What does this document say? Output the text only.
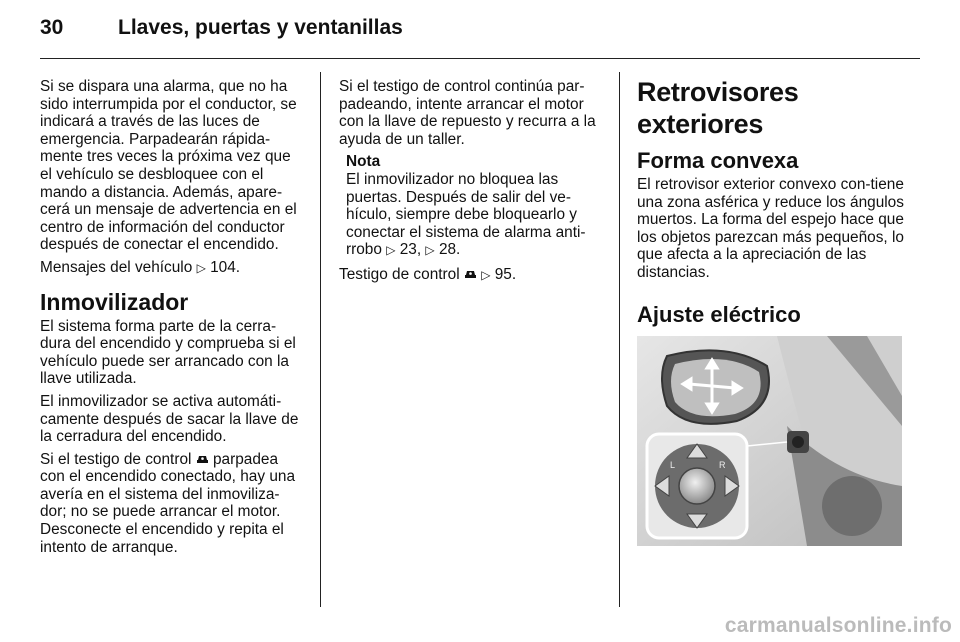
30	Llaves, puertas y ventanillas

Si se dispara una alarma, que no ha sido interrumpida por el conductor, se indicará a través de las luces de emergencia. Parpadearán rápida-mente tres veces la próxima vez que el vehículo se desbloquee con el mando a distancia. Además, apare-cerá un mensaje de advertencia en el centro de información del conductor después de conectar el encendido.

Mensajes del vehículo ▷ 104.

Inmovilizador

El sistema forma parte de la cerra-dura del encendido y comprueba si el vehículo puede ser arrancado con la llave utilizada.

El inmovilizador se activa automáti-camente después de sacar la llave de la cerradura del encendido.

Si el testigo de control parpadea con el encendido conectado, hay una avería en el sistema del inmoviliza-dor; no se puede arrancar el motor. Desconecte el encendido y repita el intento de arranque.

Si el testigo de control continúa par-padeando, intente arrancar el motor con la llave de repuesto y recurra a la ayuda de un taller.

Nota

El inmovilizador no bloquea las puertas. Después de salir del ve-hículo, siempre debe bloquearlo y conectar el sistema de alarma anti-rrobo ▷ 23, ▷ 28.

Testigo de control ▷ 95.

Retrovisores exteriores
Forma convexa

El retrovisor exterior convexo con-tiene una zona asférica y reduce los ángulos muertos. La forma del espejo hace que los objetos parezcan más pequeños, lo que afecta a la apreciación de las distancias.

Ajuste eléctrico
L	R
carmanualsonline.info
